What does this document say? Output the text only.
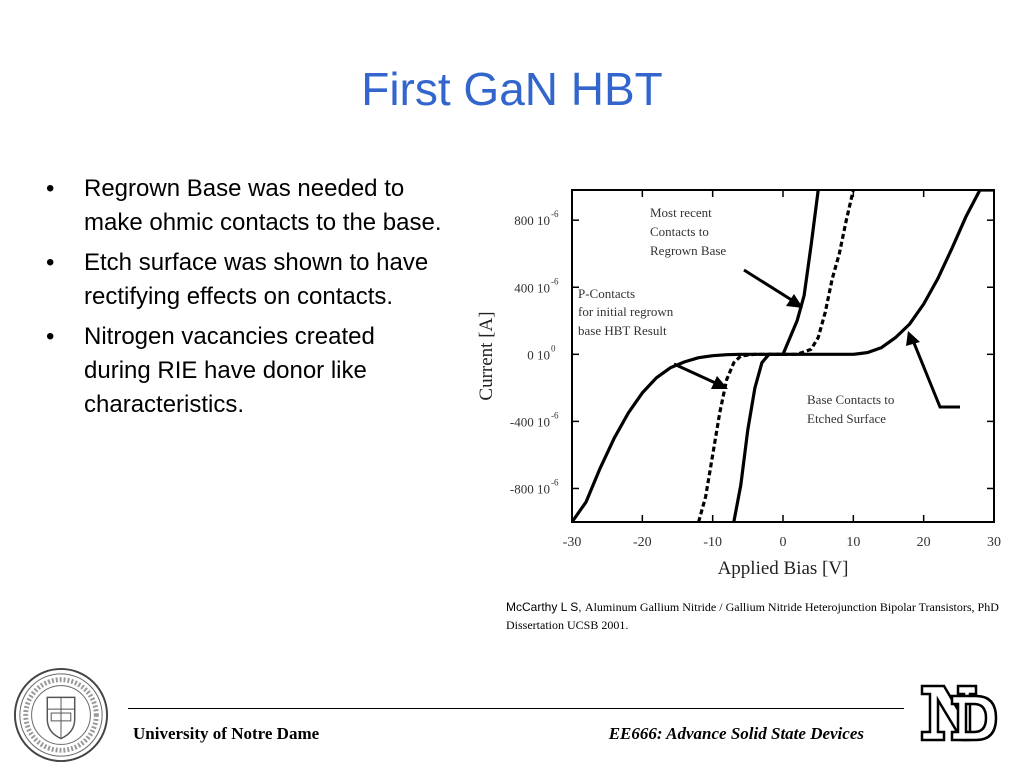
First GaN HBT
• Regrown Base was needed to make ohmic contacts to the base.
• Etch surface was shown to have rectifying effects on contacts.
• Nitrogen vacancies created during RIE have donor like characteristics.
-30	-20	-10	0	10	20	30
800 10 -6
400 10 -6
0 10 0
-400 10 -6
-800 10 -6
Applied Bias [V]
Current [A]
Most recent
Contacts to
Regrown Base
P-Contacts
for initial regrown
base HBT Result
Base Contacts to
Etched Surface
McCarthy L S, Aluminum Gallium Nitride / Gallium Nitride Heterojunction Bipolar Transistors, PhD Dissertation UCSB 2001.
University of Notre Dame	EE666: Advance Solid State Devices
